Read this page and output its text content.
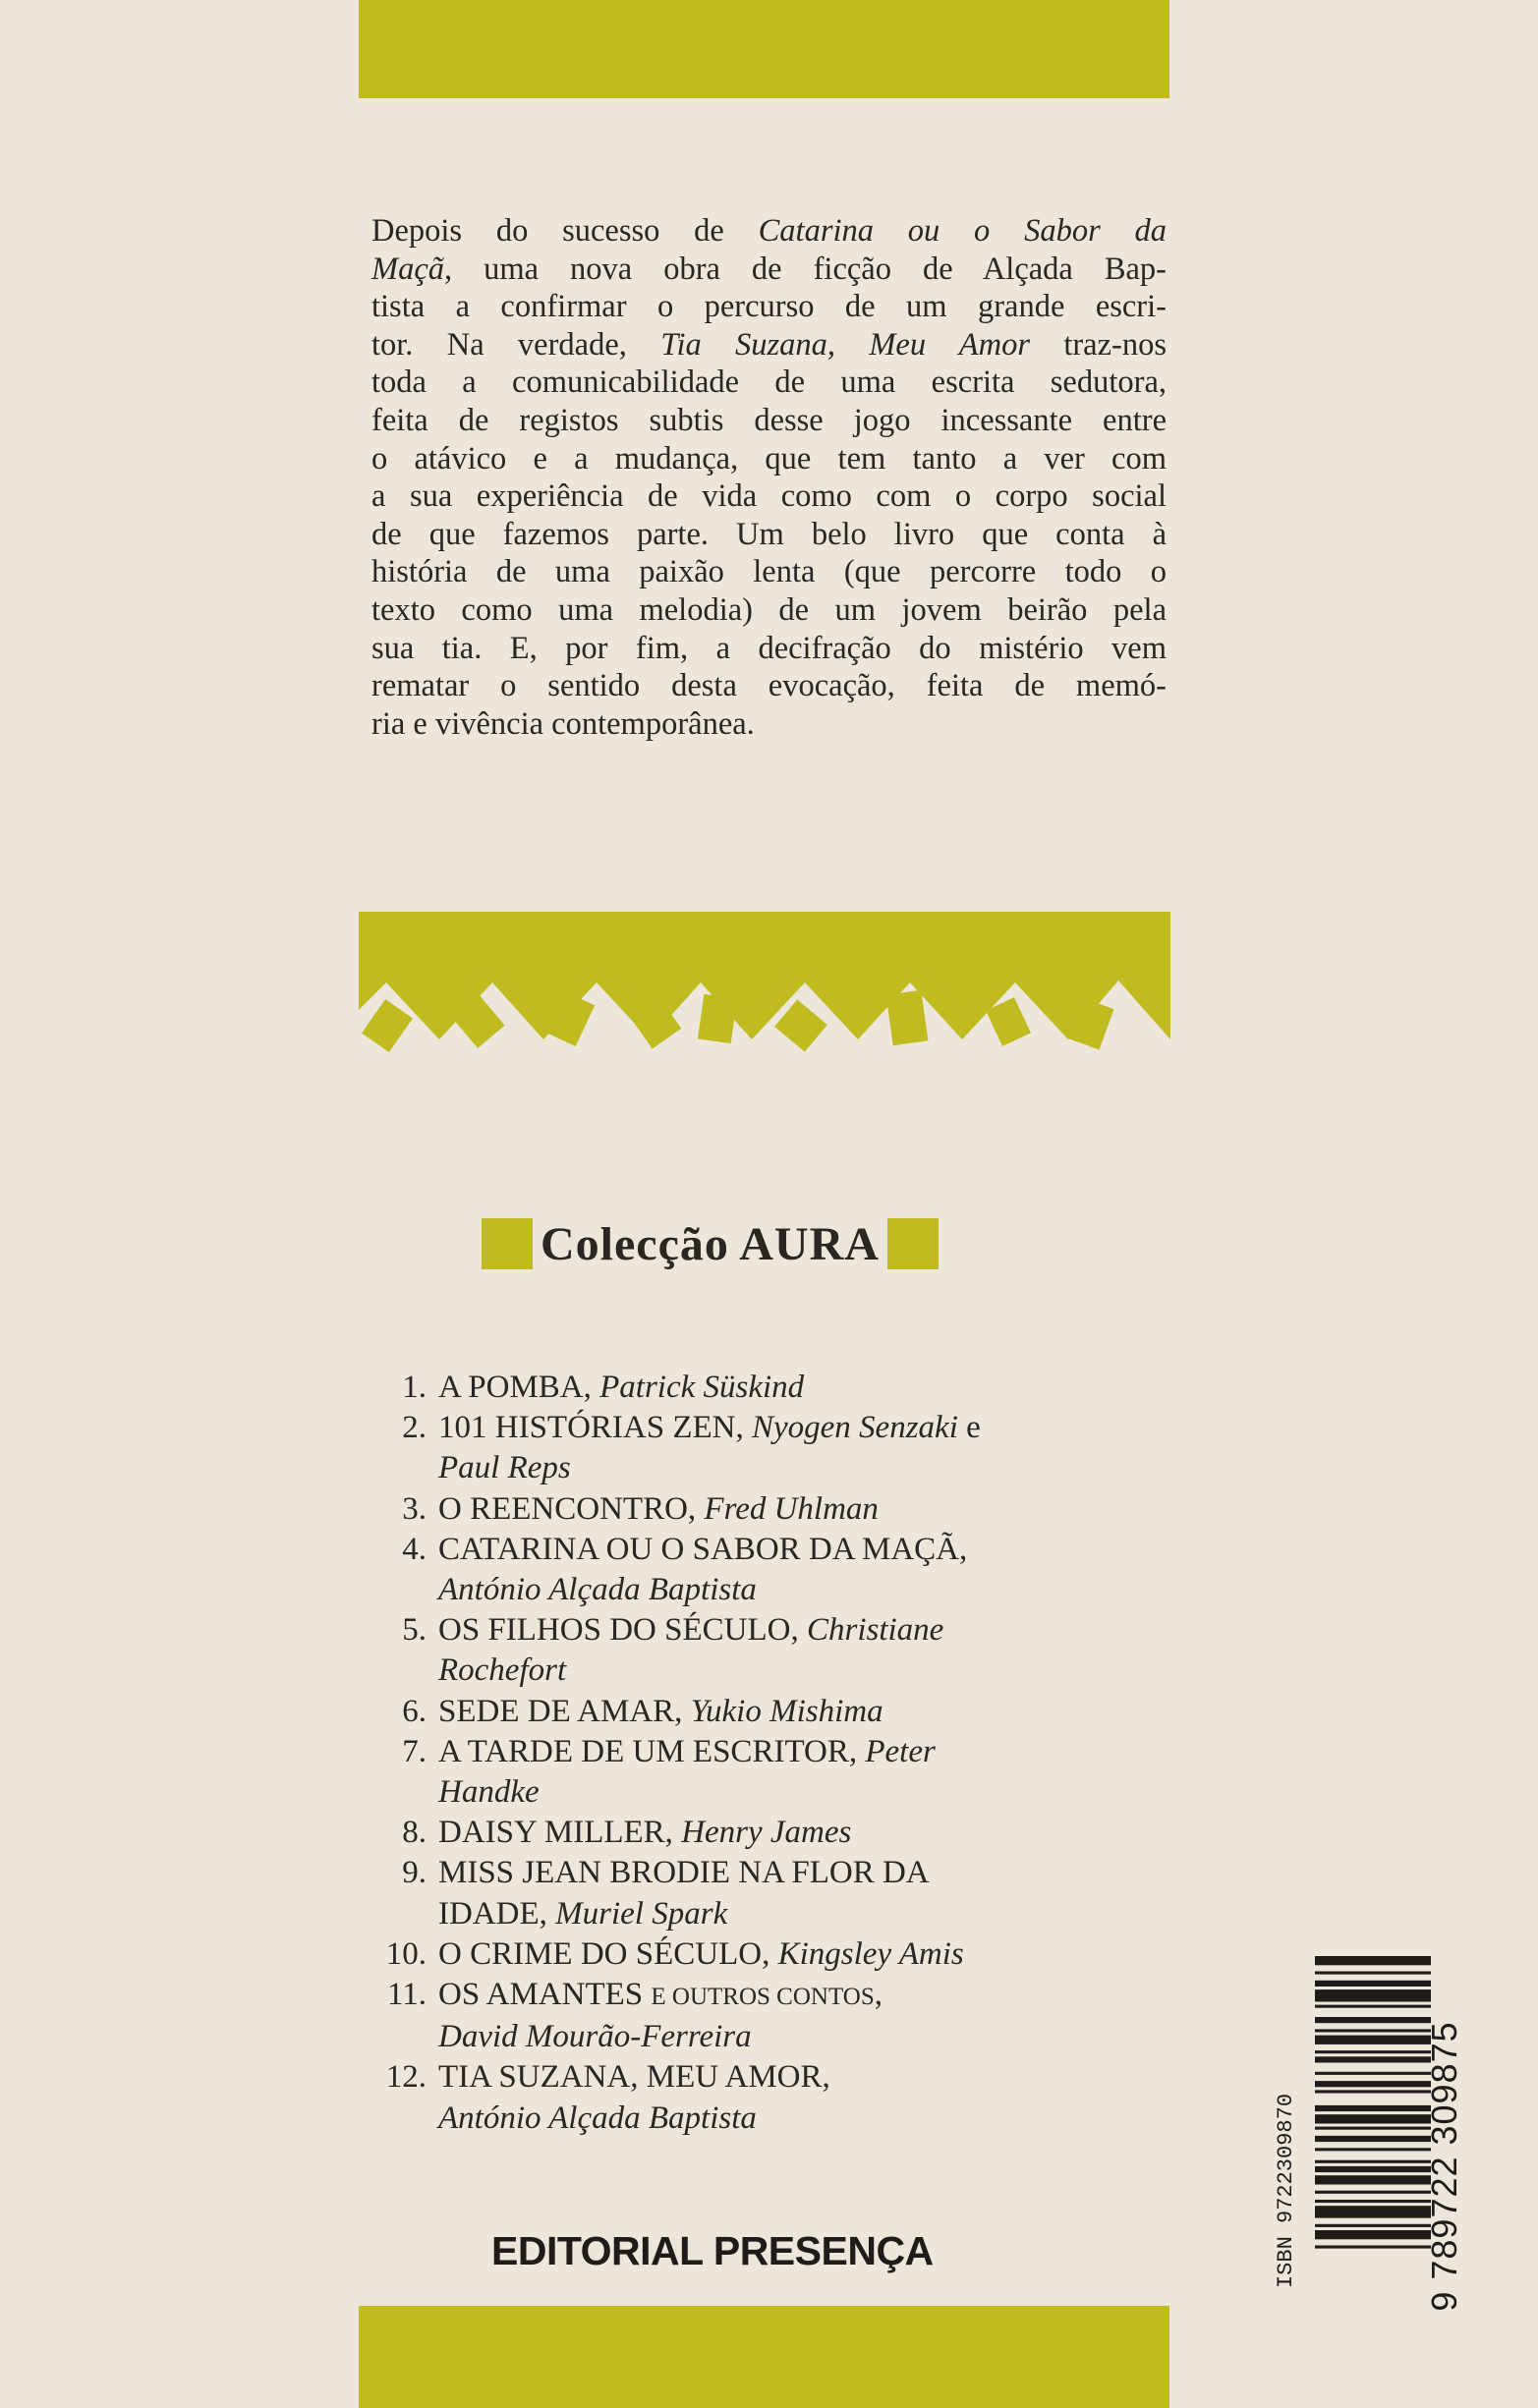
Depois do sucesso de Catarina ou o Sabor da
Maçã, uma nova obra de ficção de Alçada Bap-
tista a confirmar o percurso de um grande escri-
tor. Na verdade, Tia Suzana, Meu Amor traz-nos
toda a comunicabilidade de uma escrita sedutora,
feita de registos subtis desse jogo incessante entre
o atávico e a mudança, que tem tanto a ver com
a sua experiência de vida como com o corpo social
de que fazemos parte. Um belo livro que conta à
história de uma paixão lenta (que percorre todo o
texto como uma melodia) de um jovem beirão pela
sua tia. E, por fim, a decifração do mistério vem
rematar o sentido desta evocação, feita de memó-
ria e vivência contemporânea.
Colecção AURA
1. A POMBA, Patrick Süskind
2. 101 HISTÓRIAS ZEN, Nyogen Senzaki e
Paul Reps
3. O REENCONTRO, Fred Uhlman
4. CATARINA OU O SABOR DA MAÇÃ,
António Alçada Baptista
5. OS FILHOS DO SÉCULO, Christiane
Rochefort
6. SEDE DE AMAR, Yukio Mishima
7. A TARDE DE UM ESCRITOR, Peter
Handke
8. DAISY MILLER, Henry James
9. MISS JEAN BRODIE NA FLOR DA
IDADE, Muriel Spark
10. O CRIME DO SÉCULO, Kingsley Amis
11. OS AMANTES E OUTROS CONTOS,
David Mourão-Ferreira
12. TIA SUZANA, MEU AMOR,
António Alçada Baptista
EDITORIAL PRESENÇA	ISBN 9722309870	9 789722 309875
